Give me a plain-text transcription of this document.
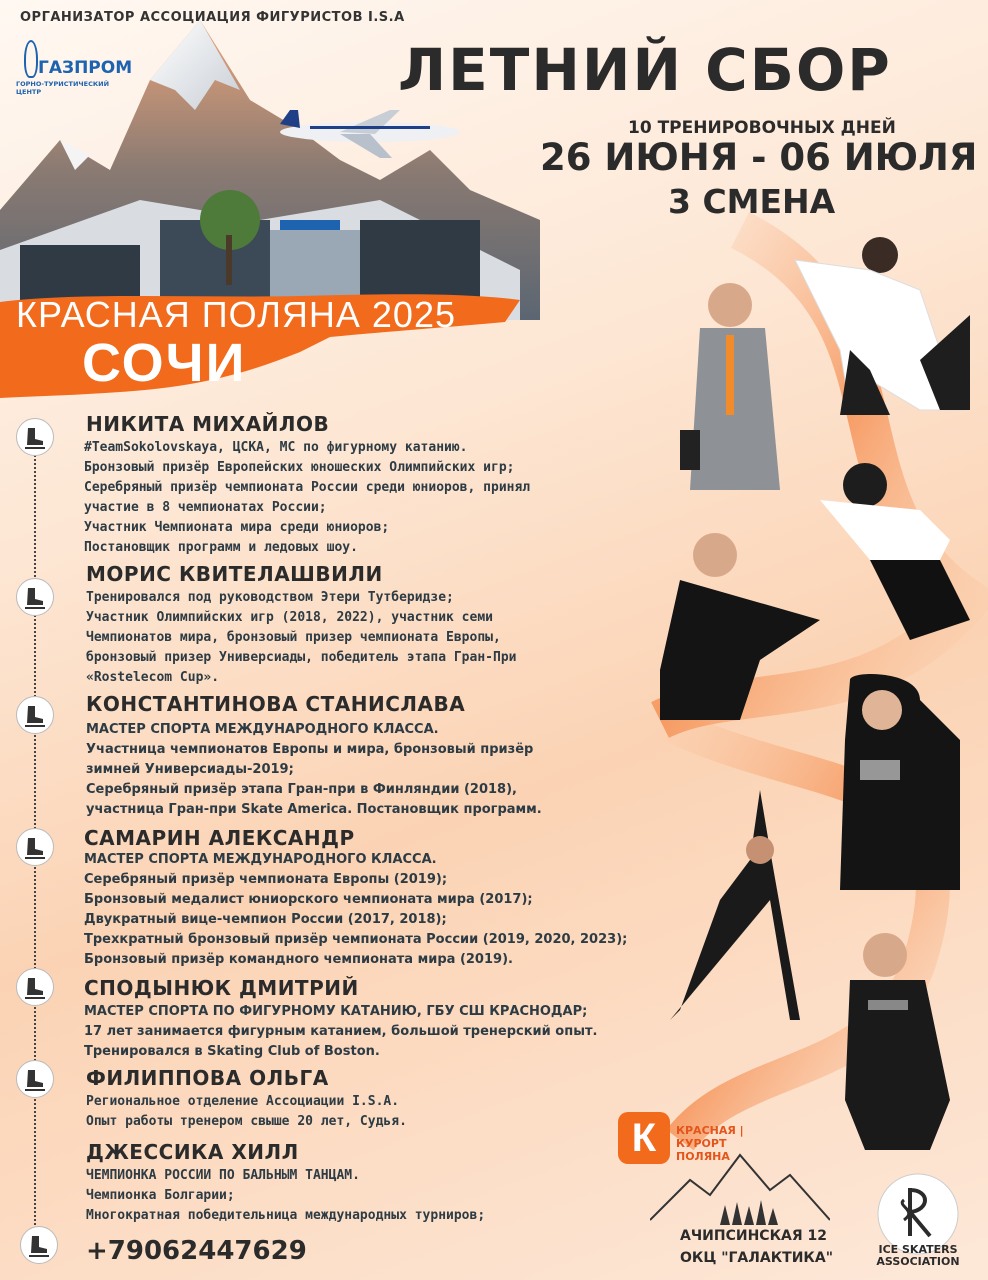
ОРГАНИЗАТОР АССОЦИАЦИЯ ФИГУРИСТОВ I.S.A
ГАЗПРОМ
ГОРНО-ТУРИСТИЧЕСКИЙ ЦЕНТР	ЛЕТНИЙ СБОР
10 ТРЕНИРОВОЧНЫХ ДНЕЙ
26 ИЮНЯ - 06 ИЮЛЯ
3 СМЕНА
КРАСНАЯ ПОЛЯНА 2025
СОЧИ
НИКИТА МИХАЙЛОВ
#TeamSokolovskaya, ЦСКА, МС по фигурному катанию.
Бронзовый призёр Европейских юношеских Олимпийских игр;
Серебряный призёр чемпионата России среди юниоров, принял
участие в 8 чемпионатах России;
Участник Чемпионата мира среди юниоров;
Постановщик программ и ледовых шоу.
МОРИС КВИТЕЛАШВИЛИ
Тренировался под руководством Этери Тутберидзе;
Участник Олимпийских игр (2018, 2022), участник семи
Чемпионатов мира, бронзовый призер чемпионата Европы,
бронзовый призер Универсиады, победитель этапа Гран-При
«Rostelecom Cup».
КОНСТАНТИНОВА СТАНИСЛАВА
МАСТЕР СПОРТА МЕЖДУНАРОДНОГО КЛАССА.
Участница чемпионатов Европы и мира, бронзовый призёр
зимней Универсиады-2019;
Серебряный призёр этапа Гран-при в Финляндии (2018),
участница Гран-при Skate America. Постановщик программ.
САМАРИН АЛЕКСАНДР
МАСТЕР СПОРТА МЕЖДУНАРОДНОГО КЛАССА.
Серебряный призёр чемпионата Европы (2019);
Бронзовый медалист юниорского чемпионата мира (2017);
Двукратный вице-чемпион России (2017, 2018);
Трехкратный бронзовый призёр чемпионата России (2019, 2020, 2023);
Бронзовый призёр командного чемпионата мира (2019).
СПОДЫНЮК ДМИТРИЙ
МАСТЕР СПОРТА ПО ФИГУРНОМУ КАТАНИЮ, ГБУ СШ КРАСНОДАР;
17 лет занимается фигурным катанием, большой тренерский опыт.
Тренировался в Skating Club of Boston.
ФИЛИППОВА ОЛЬГА
Региональное отделение Ассоциации I.S.A.
Опыт работы тренером свыше 20 лет, Судья.
ДЖЕССИКА ХИЛЛ
ЧЕМПИОНКА РОССИИ ПО БАЛЬНЫМ ТАНЦАМ.
Чемпионка Болгарии;
Многократная победительница международных турниров;
+79062447629
К	КРАСНАЯ | КУРОРТ
ПОЛЯНА
АЧИПСИНСКАЯ 12
ОКЦ "ГАЛАКТИКА"
ICE SKATERS
ASSOCIATION
